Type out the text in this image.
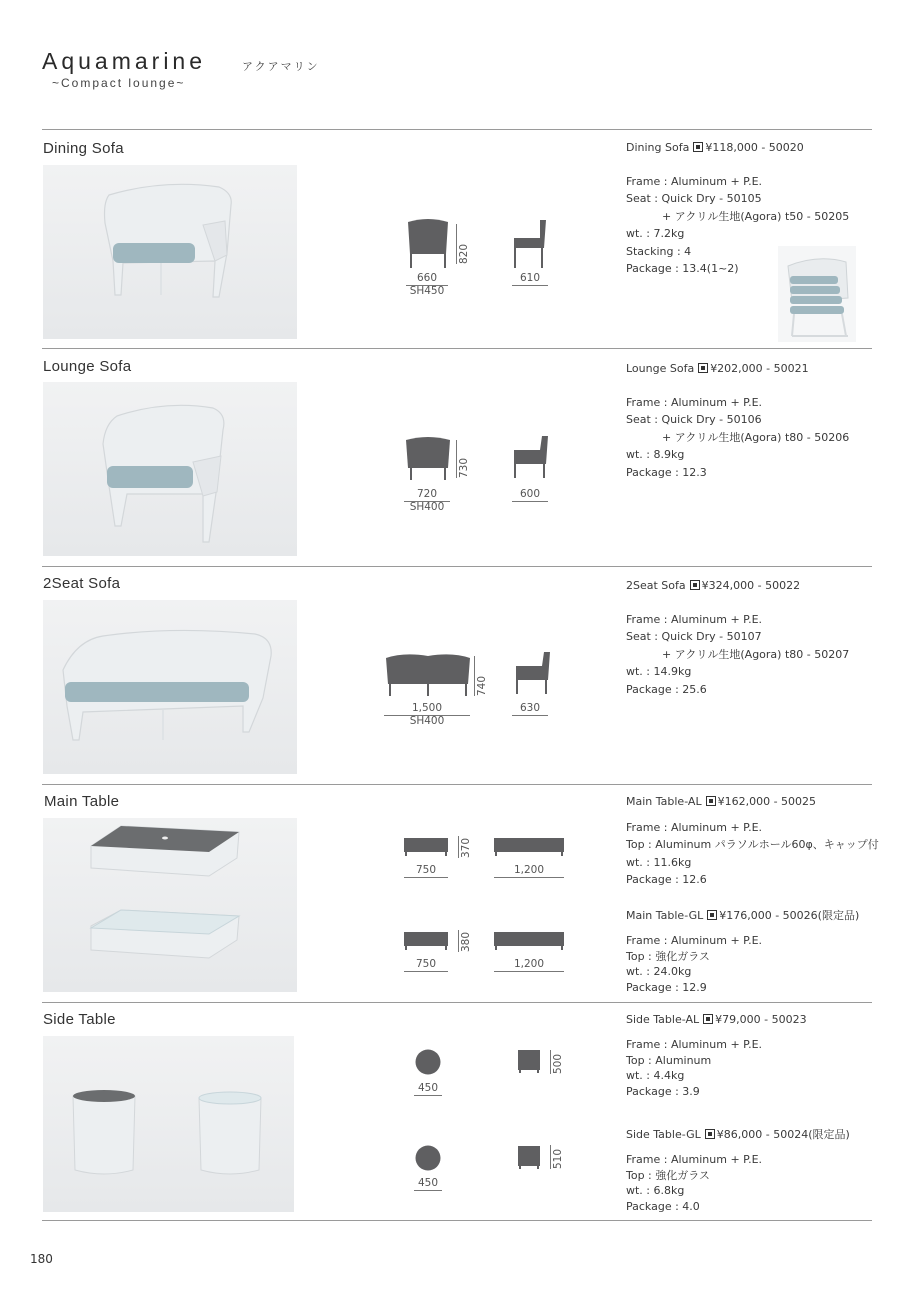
Aquamarine	アクアマリン
~Compact lounge~
Dining Sofa
820
660
SH450
610
Dining Sofa ¥118,000 - 50020
Frame : Aluminum + P.E.
Seat : Quick Dry - 50105
+ アクリル生地(Agora) t50 - 50205
wt. : 7.2kg
Stacking : 4
Package : 13.4(1~2)
Lounge Sofa
730
720
SH400
600
Lounge Sofa ¥202,000 - 50021
Frame : Aluminum + P.E.
Seat : Quick Dry - 50106
+ アクリル生地(Agora) t80 - 50206
wt. : 8.9kg
Package : 12.3
2Seat Sofa
740
1,500
SH400
630
2Seat Sofa ¥324,000 - 50022
Frame : Aluminum + P.E.
Seat : Quick Dry - 50107
+ アクリル生地(Agora) t80 - 50207
wt. : 14.9kg
Package : 25.6
Main Table
370
750	1,200
380
750	1,200
Main Table-AL ¥162,000 - 50025
Frame : Aluminum + P.E.
Top : Aluminum パラソルホール60φ、キャップ付
wt. : 11.6kg
Package : 12.6
Main Table-GL ¥176,000 - 50026(限定品)
Frame : Aluminum + P.E.
Top : 強化ガラス
wt. : 24.0kg
Package : 12.9
Side Table
500
450
510
450
Side Table-AL ¥79,000 - 50023
Frame : Aluminum + P.E.
Top : Aluminum
wt. : 4.4kg
Package : 3.9
Side Table-GL ¥86,000 - 50024(限定品)
Frame : Aluminum + P.E.
Top : 強化ガラス
wt. : 6.8kg
Package : 4.0
180
